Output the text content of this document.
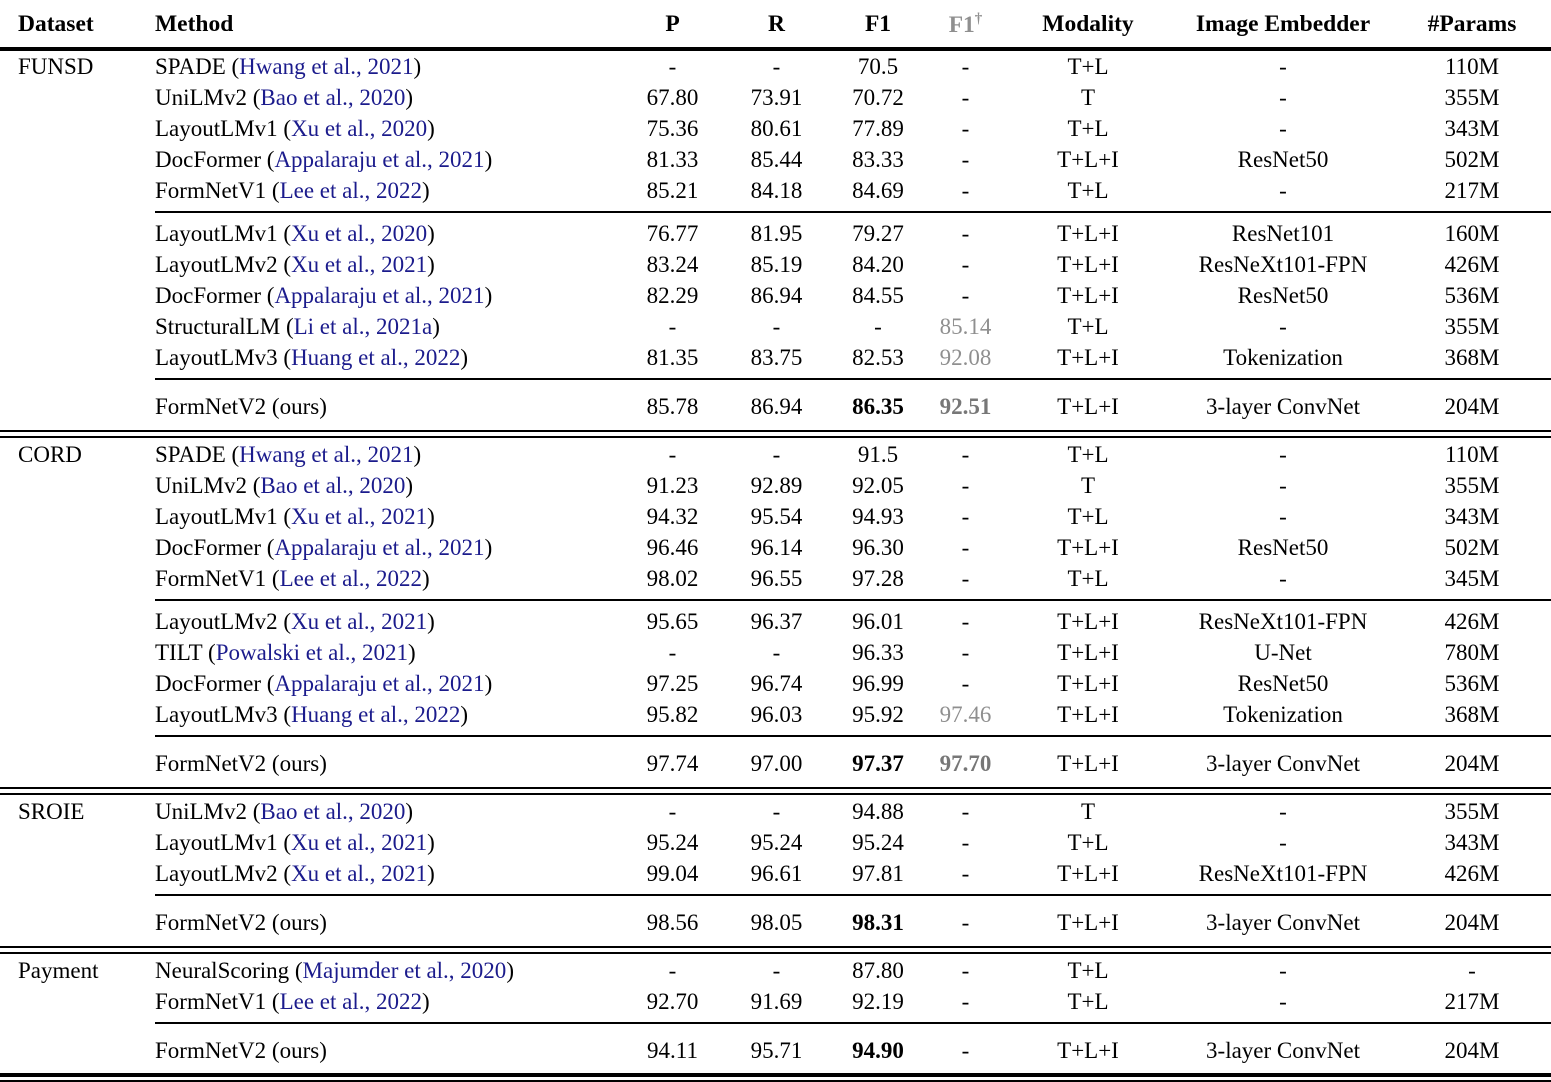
Dataset	Method	P	R	F1	F1†	Modality	Image Embedder	#Params
FUNSD	SPADE (Hwang et al., 2021)	-	-	70.5	-	T+L	-	110M
	UniLMv2 (Bao et al., 2020)	67.80	73.91	70.72	-	T	-	355M
	LayoutLMv1 (Xu et al., 2020)	75.36	80.61	77.89	-	T+L	-	343M
	DocFormer (Appalaraju et al., 2021)	81.33	85.44	83.33	-	T+L+I	ResNet50	502M
	FormNetV1 (Lee et al., 2022)	85.21	84.18	84.69	-	T+L	-	217M

	LayoutLMv1 (Xu et al., 2020)	76.77	81.95	79.27	-	T+L+I	ResNet101	160M
	LayoutLMv2 (Xu et al., 2021)	83.24	85.19	84.20	-	T+L+I	ResNeXt101-FPN	426M
	DocFormer (Appalaraju et al., 2021)	82.29	86.94	84.55	-	T+L+I	ResNet50	536M
	StructuralLM (Li et al., 2021a)	-	-	-	85.14	T+L	-	355M
	LayoutLMv3 (Huang et al., 2022)	81.35	83.75	82.53	92.08	T+L+I	Tokenization	368M

	FormNetV2 (ours)	85.78	86.94	86.35	92.51	T+L+I	3-layer ConvNet	204M

CORD	SPADE (Hwang et al., 2021)	-	-	91.5	-	T+L	-	110M
	UniLMv2 (Bao et al., 2020)	91.23	92.89	92.05	-	T	-	355M
	LayoutLMv1 (Xu et al., 2021)	94.32	95.54	94.93	-	T+L	-	343M
	DocFormer (Appalaraju et al., 2021)	96.46	96.14	96.30	-	T+L+I	ResNet50	502M
	FormNetV1 (Lee et al., 2022)	98.02	96.55	97.28	-	T+L	-	345M

	LayoutLMv2 (Xu et al., 2021)	95.65	96.37	96.01	-	T+L+I	ResNeXt101-FPN	426M
	TILT (Powalski et al., 2021)	-	-	96.33	-	T+L+I	U-Net	780M
	DocFormer (Appalaraju et al., 2021)	97.25	96.74	96.99	-	T+L+I	ResNet50	536M
	LayoutLMv3 (Huang et al., 2022)	95.82	96.03	95.92	97.46	T+L+I	Tokenization	368M

	FormNetV2 (ours)	97.74	97.00	97.37	97.70	T+L+I	3-layer ConvNet	204M

SROIE	UniLMv2 (Bao et al., 2020)	-	-	94.88	-	T	-	355M
	LayoutLMv1 (Xu et al., 2021)	95.24	95.24	95.24	-	T+L	-	343M
	LayoutLMv2 (Xu et al., 2021)	99.04	96.61	97.81	-	T+L+I	ResNeXt101-FPN	426M

	FormNetV2 (ours)	98.56	98.05	98.31	-	T+L+I	3-layer ConvNet	204M

Payment	NeuralScoring (Majumder et al., 2020)	-	-	87.80	-	T+L	-	-
	FormNetV1 (Lee et al., 2022)	92.70	91.69	92.19	-	T+L	-	217M

	FormNetV2 (ours)	94.11	95.71	94.90	-	T+L+I	3-layer ConvNet	204M
